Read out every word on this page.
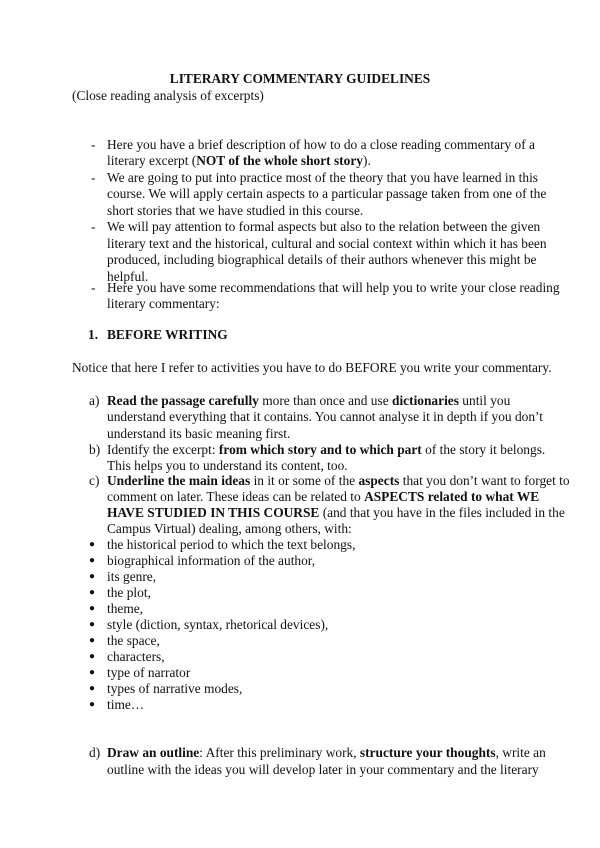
LITERARY COMMENTARY GUIDELINES
(Close reading analysis of excerpts)
- Here you have a brief description of how to do a close reading commentary of a
literary excerpt (NOT of the whole short story).
- We are going to put into practice most of the theory that you have learned in this
course. We will apply certain aspects to a particular passage taken from one of the
short stories that we have studied in this course.
- We will pay attention to formal aspects but also to the relation between the given
literary text and the historical, cultural and social context within which it has been
produced, including biographical details of their authors whenever this might be
helpful.
- Here you have some recommendations that will help you to write your close reading
literary commentary:
1. BEFORE WRITING
Notice that here I refer to activities you have to do BEFORE you write your commentary.
a) Read the passage carefully more than once and use dictionaries until you
understand everything that it contains. You cannot analyse it in depth if you don’t
understand its basic meaning first.
b) Identify the excerpt: from which story and to which part of the story it belongs.
This helps you to understand its content, too.
c) Underline the main ideas in it or some of the aspects that you don’t want to forget to
comment on later. These ideas can be related to ASPECTS related to what WE
HAVE STUDIED IN THIS COURSE (and that you have in the files included in the
Campus Virtual) dealing, among others, with:
● the historical period to which the text belongs,
● biographical information of the author,
● its genre,
● the plot,
● theme,
● style (diction, syntax, rhetorical devices),
● the space,
● characters,
● type of narrator
● types of narrative modes,
● time…
d) Draw an outline: After this preliminary work, structure your thoughts, write an
outline with the ideas you will develop later in your commentary and the literary
